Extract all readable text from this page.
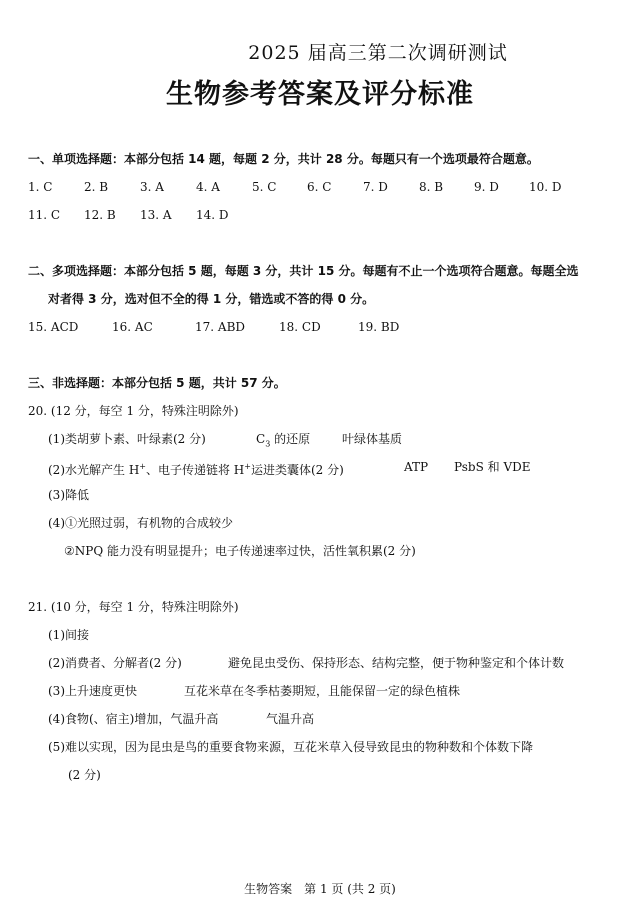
2025 届高三第二次调研测试
生物参考答案及评分标准
一、单项选择题：本部分包括 14 题，每题 2 分，共计 28 分。每题只有一个选项最符合题意。
1. C	2. B	3. A	4. A	5. C	6. C	7. D	8. B	9. D	10. D
11. C 12. B 13. A 14. D
二、多项选择题：本部分包括 5 题，每题 3 分，共计 15 分。每题有不止一个选项符合题意。每题全选
对者得 3 分，选对但不全的得 1 分，错选或不答的得 0 分。
15. ACD	16. AC	17. ABD	18. CD	19. BD
三、非选择题：本部分包括 5 题，共计 57 分。
20. (12 分，每空 1 分，特殊注明除外)
(1)类胡萝卜素、叶绿素(2 分)	$C_3$ 的还原	叶绿体基质
(2)水光解产生 H+、电子传递链将 H+运进类囊体(2 分)	ATP PsbS 和 VDE
(3)降低
(4)①光照过弱，有机物的合成较少
②NPQ 能力没有明显提升；电子传递速率过快，活性氧积累(2 分)
21. (10 分，每空 1 分，特殊注明除外)
(1)间接
(2)消费者、分解者(2 分)	避免昆虫受伤、保持形态、结构完整，便于物种鉴定和个体计数
(3)上升速度更快	互花米草在冬季枯萎期短，且能保留一定的绿色植株
(4)食物(、宿主)增加，气温升高	气温升高
(5)难以实现，因为昆虫是鸟的重要食物来源，互花米草入侵导致昆虫的物种数和个体数下降
(2 分)
生物答案　第 1 页 (共 2 页)
